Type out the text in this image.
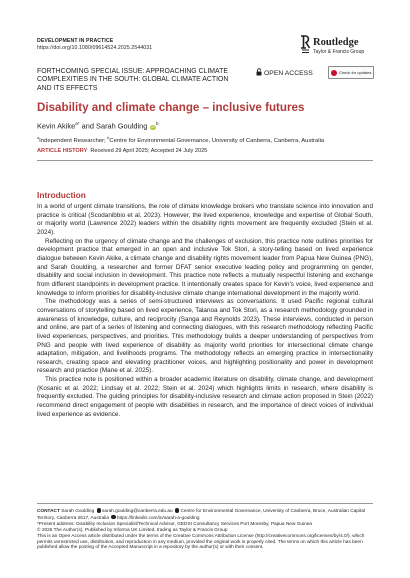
DEVELOPMENT IN PRACTICE
https://doi.org/10.1080/09614524.2025.2544031	Routledge
Taylor & Francis Group
FORTHCOMING SPECIAL ISSUE: APPROACHING CLIMATE COMPLEXITIES IN THE SOUTH: GLOBAL CLIMATE ACTION AND ITS EFFECTS
OPEN ACCESS	Check for updates
Disability and climate change – inclusive futures
Kevin Akike$^{a*}$ and Sarah Goulding $iD^b$
$^a$Independent Researcher; $^b$Centre for Environmental Governance, University of Canberra, Canberra, Australia
ARTICLE HISTORY Received 29 April 2025; Accepted 24 July 2025
Introduction

In a world of urgent climate transitions, the role of climate knowledge brokers who translate science into innovation and practice is critical (Scodanibbio et al. 2023). However, the lived experience, knowledge and expertise of Global South, or majority world (Lawrence 2022) leaders within the disability rights movement are frequently excluded (Stein et al. 2024).

Reflecting on the urgency of climate change and the challenges of exclusion, this practice note outlines priorities for development practice that emerged in an open and inclusive Tok Stori, a story-telling based on lived experience dialogue between Kevin Akike, a climate change and disability rights movement leader from Papua New Guinea (PNG), and Sarah Goulding, a researcher and former DFAT senior executive leading policy and programming on gender, disability and social inclusion in development. This practice note reflects a mutually respectful listening and exchange from different standpoints in development practice. It intentionally creates space for Kevin's voice, lived experience and knowledge to inform priorities for disability-inclusive climate change international development in the majority world.

The methodology was a series of semi-structured interviews as conversations. It used Pacific regional cultural conversations of storytelling based on lived experience, Talanoa and Tok Stori, as a research methodology grounded in awareness of knowledge, culture, and reciprocity (Sanga and Reynolds 2023). These interviews, conducted in person and online, are part of a series of listening and connecting dialogues, with this research methodology reflecting Pacific lived experiences, perspectives, and priorities. This methodology builds a deeper understanding of perspectives from PNG and people with lived experience of disability as majority world priorities for intersectional climate change adaptation, mitigation, and livelihoods programs. The methodology reflects an emerging practice in intersectionality research, creating space and elevating practitioner voices, and highlighting positionality and power in development research and practice (Mane et al. 2025).

This practice note is positioned within a broader academic literature on disability, climate change, and development (Kosanic et al. 2022; Lindsay et al. 2022; Stein et al. 2024) which highlights limits in research, where disability is frequently excluded. The guiding principles for disability-inclusive research and climate action proposed in Stein (2022) recommend direct engagement of people with disabilities in research, and the importance of direct voices of individual lived experience as evidence.

CONTACT Sarah Goulding sarah.goulding@canberra.edu.au Centre for Environmental Governance, University of Canberra, Bruce, Australian Capital Territory, Canberra 2617, Australia https://linkedin.com/in/sarah-a-goulding

*Present address: Disability Inclusion Specialist/Technical Advisor, GEDSI Consultancy Services Port Moresby, Papua New Guinea

© 2025 The Author(s). Published by Informa UK Limited, trading as Taylor & Francis Group

This is an Open Access article distributed under the terms of the Creative Commons Attribution License (http://creativecommons.org/licenses/by/4.0/), which permits unrestricted use, distribution, and reproduction in any medium, provided the original work is properly cited. The terms on which this article has been published allow the posting of the Accepted Manuscript in a repository by the author(s) or with their consent.
